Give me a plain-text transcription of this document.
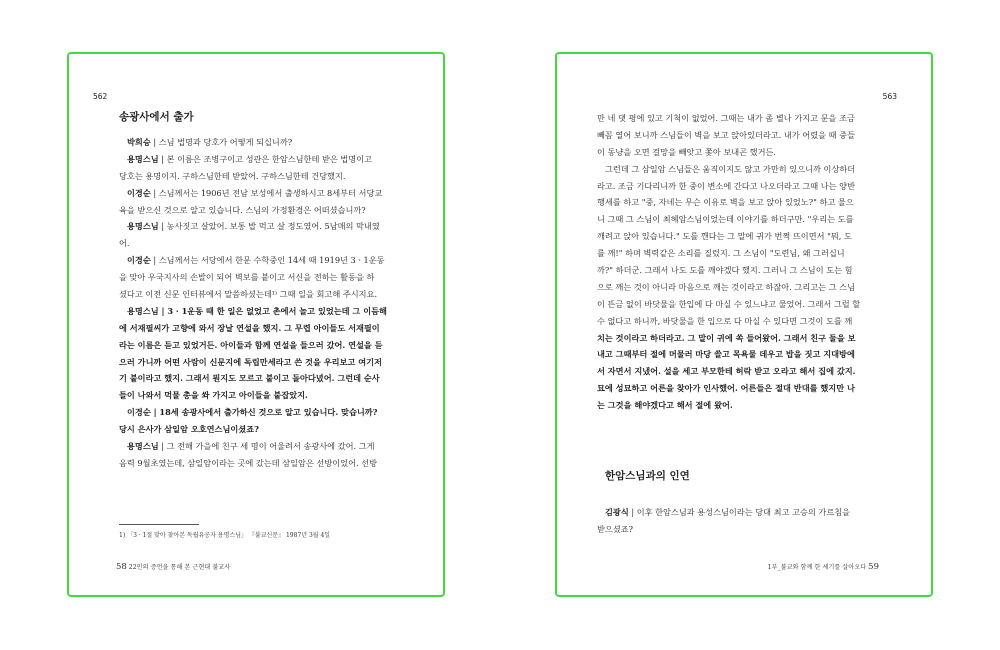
562
송광사에서 출가
박희승 | 스님 법명과 당호가 어떻게 되십니까?
용명스님 | 본 이름은 조병구이고 성관은 한암스님한테 받은 법명이고
당호는 용명이지. 구하스님한테 받았어. 구하스님한테 건당했지.
이경순 | 스님께서는 1906년 전남 보성에서 출생하시고 8세부터 서당교
육을 받으신 것으로 알고 있습니다. 스님의 가정환경은 어떠셨습니까?
용명스님 | 농사짓고 살았어. 보통 밥 먹고 살 정도였어. 5남매의 막내였
어.
이경순 | 스님께서는 서당에서 한문 수학중인 14세 때 1919년 3 · 1운동
을 맞아 우국지사의 손발이 되어 벽보를 붙이고 서신을 전하는 활동을 하
셨다고 이전 신문 인터뷰에서 말씀하셨는데¹⁾ 그때 일을 회고해 주시지요.
용명스님 | 3 · 1운동 때 한 일은 없었고 촌에서 놀고 있었는데 그 이듬해
에 서재필씨가 고향에 와서 장날 연설을 했지. 그 무렵 아이들도 서재필이
라는 이름은 듣고 있었거든. 아이들과 함께 연설을 들으러 갔어. 연설을 듣
으러 가니까 어떤 사람이 신문지에 독립만세라고 쓴 것을 우리보고 여기저
기 붙이라고 했지. 그래서 뭔지도 모르고 붙이고 돌아다녔어. 그런데 순사
들이 나와서 먹물 총을 쏴 가지고 아이들을 붙잡았지.
이경순 | 18세 송광사에서 출가하신 것으로 알고 있습니다. 맞습니까?
당시 은사가 삼일암 오호연스님이셨죠?
용명스님 | 그 전해 가을에 친구 세 명이 어울려서 송광사에 갔어. 그게
음력 9월초였는데, 삼일암이라는 곳에 갔는데 삼일암은 선방이었어. 선방
1) 「3 · 1절 맞아 찾아본 독립유공자 용명스님」 『불교신문』 1987년 3월 4일
58 22인의 증언을 통해 본 근현대 불교사
563
만 네 댓 평에 있고 기척이 없었어. 그때는 내가 좀 별나 가지고 문을 조금
빼꼼 열어 보니까 스님들이 벽을 보고 앉아있더라고. 내가 어렸을 때 중들
이 동냥을 오면 걸망을 빼앗고 쫓아 보내곤 했거든.
그런데 그 삼일암 스님들은 움직이지도 않고 가만히 있으니까 이상하더
라고. 조금 기다리니까 한 중이 변소에 간다고 나오더라고 그때 나는 양반
행세를 하고 "중, 자네는 무슨 이유로 벽을 보고 앉아 있었노?" 하고 물으
니 그때 그 스님이 최혜암스님이었는데 이야기를 하더구만. "우리는 도를
깨려고 앉아 있습니다." 도를 깬다는 그 말에 귀가 번쩍 뜨이면서 "뭐, 도
를 깨!" 하며 벽력같은 소리를 질렀지. 그 스님이 "도련님, 왜 그러십니
까?" 하더군. 그래서 나도 도를 깨야겠다 했지. 그러니 그 스님이 도는 힘
으로 깨는 것이 아니라 마음으로 깨는 것이라고 하잖아. 그리고는 그 스님
이 뜬금 없이 바닷물을 한입에 다 마실 수 있느냐고 물었어. 그래서 그럴 할
수 없다고 하니까, 바닷물을 한 입으로 다 마실 수 있다면 그것이 도를 깨
치는 것이라고 하더라고. 그 말이 귀에 쏙 들어왔어. 그래서 친구 둘을 보
내고 그때부터 절에 머물러 마당 쓸고 목욕물 데우고 밥을 짓고 지대방에
서 자면서 지냈어. 설을 세고 부모한테 허락 받고 오라고 해서 집에 갔지.
묘에 성묘하고 어른을 찾아가 인사했어. 어른들은 절대 반대를 했지만 나
는 그것을 해야겠다고 해서 절에 왔어.
한암스님과의 인연
김광식 | 이후 한암스님과 용성스님이라는 당대 최고 고승의 가르침을
받으셨죠?
1부_불교와 함께 한 세기를 살아오다 59
